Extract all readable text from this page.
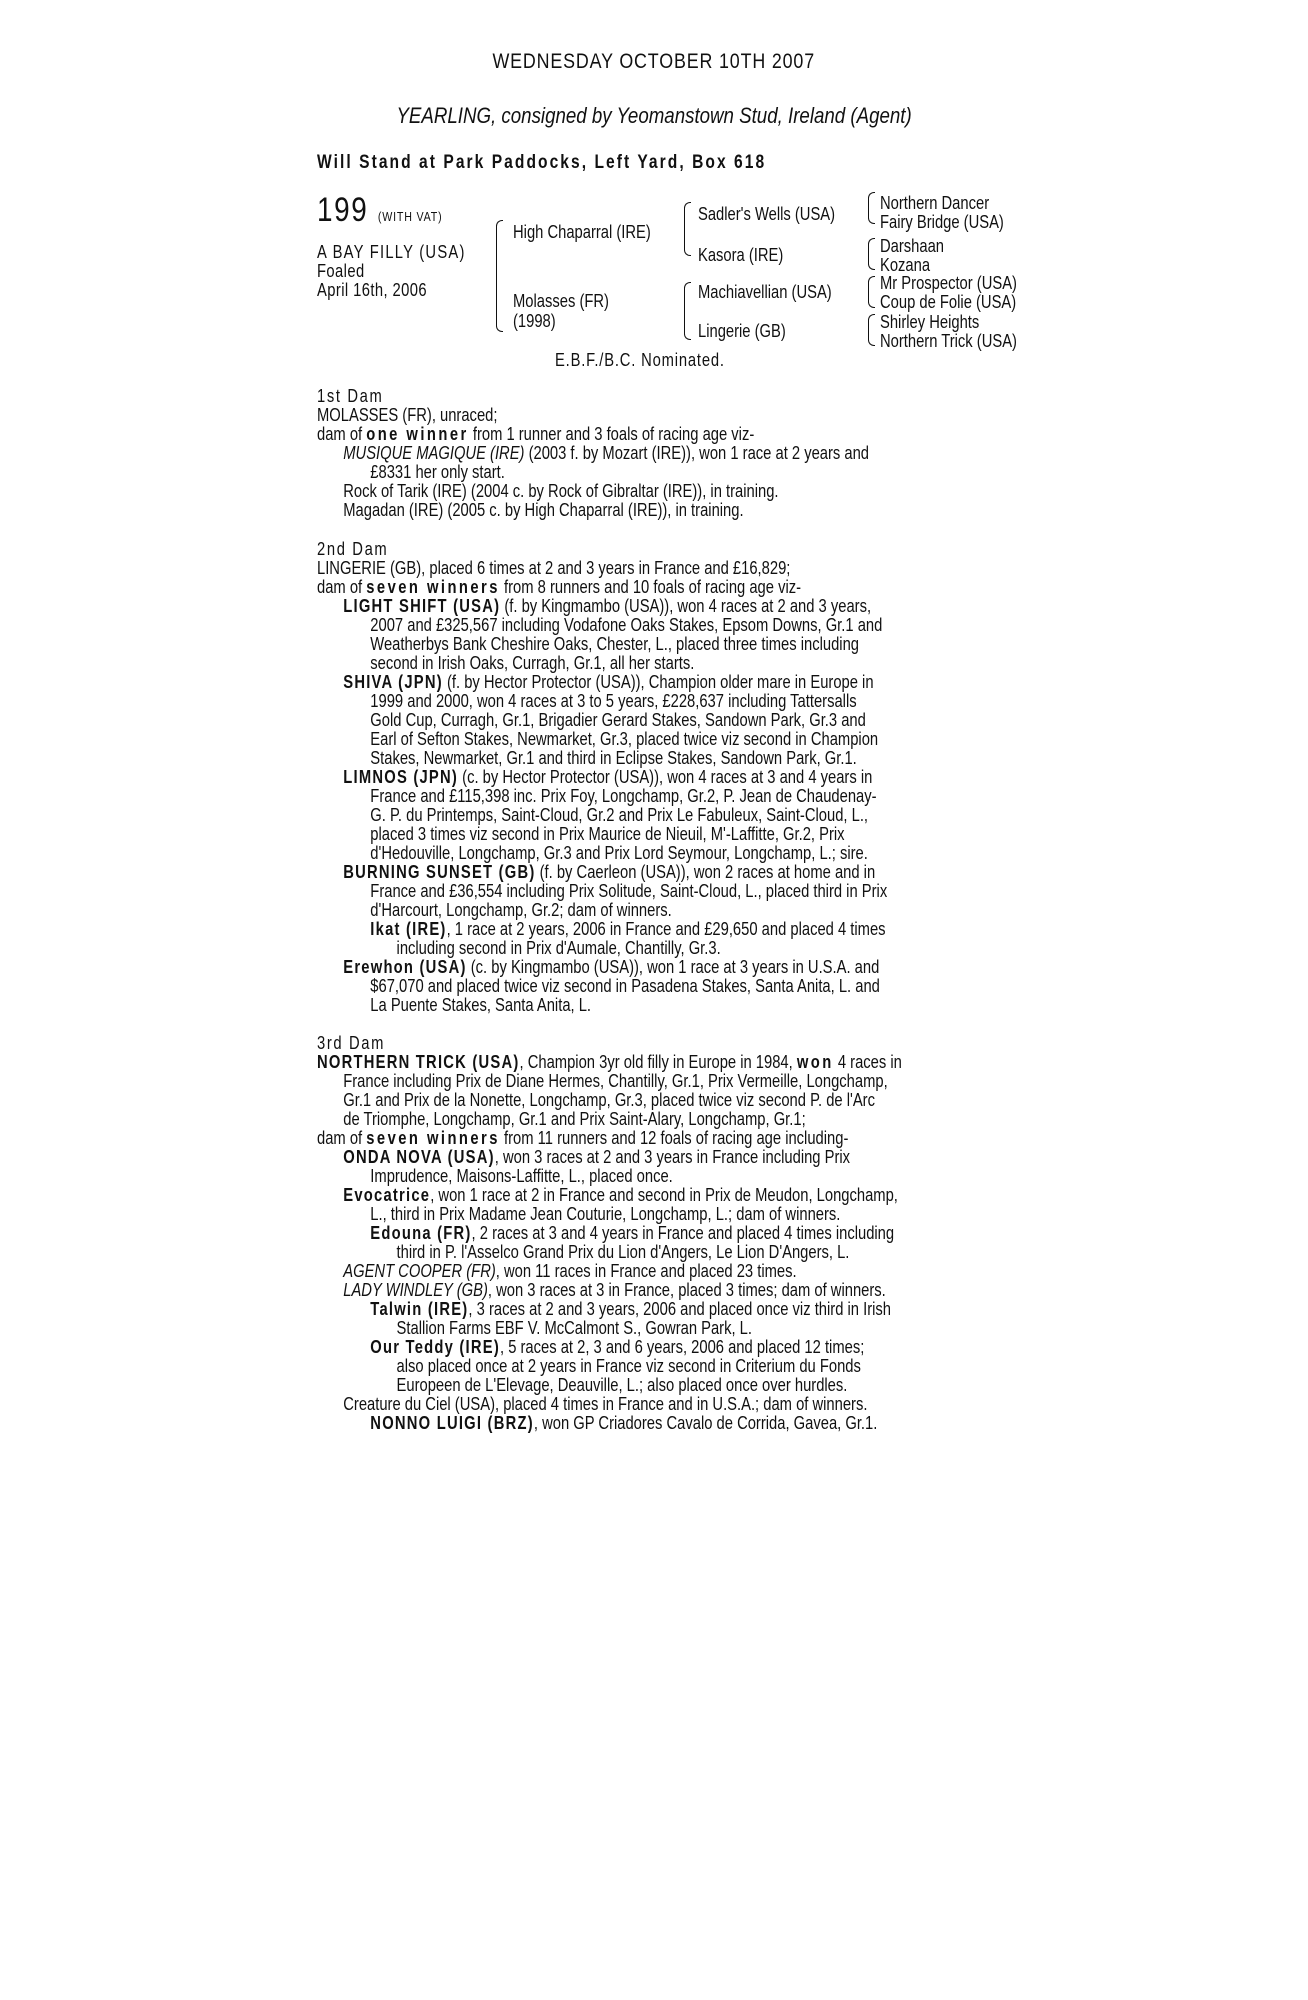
WEDNESDAY OCTOBER 10TH 2007
YEARLING, consigned by Yeomanstown Stud, Ireland (Agent)
Will Stand at Park Paddocks, Left Yard, Box 618
199 (WITH VAT)
A BAY FILLY (USA)
Foaled
April 16th, 2006
High Chaparral (IRE)
Molasses (FR)
(1998)
Sadler's Wells (USA)
Kasora (IRE)
Machiavellian (USA)
Lingerie (GB)
Northern Dancer
Fairy Bridge (USA)
Darshaan
Kozana
Mr Prospector (USA)
Coup de Folie (USA)
Shirley Heights
Northern Trick (USA)
E.B.F./B.C. Nominated.
1st Dam
MOLASSES (FR), unraced;
dam of one winner from 1 runner and 3 foals of racing age viz-
MUSIQUE MAGIQUE (IRE) (2003 f. by Mozart (IRE)), won 1 race at 2 years and
£8331 her only start.
Rock of Tarik (IRE) (2004 c. by Rock of Gibraltar (IRE)), in training.
Magadan (IRE) (2005 c. by High Chaparral (IRE)), in training.
2nd Dam
LINGERIE (GB), placed 6 times at 2 and 3 years in France and £16,829;
dam of seven winners from 8 runners and 10 foals of racing age viz-
LIGHT SHIFT (USA) (f. by Kingmambo (USA)), won 4 races at 2 and 3 years,
2007 and £325,567 including Vodafone Oaks Stakes, Epsom Downs, Gr.1 and
Weatherbys Bank Cheshire Oaks, Chester, L., placed three times including
second in Irish Oaks, Curragh, Gr.1, all her starts.
SHIVA (JPN) (f. by Hector Protector (USA)), Champion older mare in Europe in
1999 and 2000, won 4 races at 3 to 5 years, £228,637 including Tattersalls
Gold Cup, Curragh, Gr.1, Brigadier Gerard Stakes, Sandown Park, Gr.3 and
Earl of Sefton Stakes, Newmarket, Gr.3, placed twice viz second in Champion
Stakes, Newmarket, Gr.1 and third in Eclipse Stakes, Sandown Park, Gr.1.
LIMNOS (JPN) (c. by Hector Protector (USA)), won 4 races at 3 and 4 years in
France and £115,398 inc. Prix Foy, Longchamp, Gr.2, P. Jean de Chaudenay-
G. P. du Printemps, Saint-Cloud, Gr.2 and Prix Le Fabuleux, Saint-Cloud, L.,
placed 3 times viz second in Prix Maurice de Nieuil, M'-Laffitte, Gr.2, Prix
d'Hedouville, Longchamp, Gr.3 and Prix Lord Seymour, Longchamp, L.; sire.
BURNING SUNSET (GB) (f. by Caerleon (USA)), won 2 races at home and in
France and £36,554 including Prix Solitude, Saint-Cloud, L., placed third in Prix
d'Harcourt, Longchamp, Gr.2; dam of winners.
Ikat (IRE), 1 race at 2 years, 2006 in France and £29,650 and placed 4 times
including second in Prix d'Aumale, Chantilly, Gr.3.
Erewhon (USA) (c. by Kingmambo (USA)), won 1 race at 3 years in U.S.A. and
$67,070 and placed twice viz second in Pasadena Stakes, Santa Anita, L. and
La Puente Stakes, Santa Anita, L.
3rd Dam
NORTHERN TRICK (USA), Champion 3yr old filly in Europe in 1984, won 4 races in
France including Prix de Diane Hermes, Chantilly, Gr.1, Prix Vermeille, Longchamp,
Gr.1 and Prix de la Nonette, Longchamp, Gr.3, placed twice viz second P. de l'Arc
de Triomphe, Longchamp, Gr.1 and Prix Saint-Alary, Longchamp, Gr.1;
dam of seven winners from 11 runners and 12 foals of racing age including-
ONDA NOVA (USA), won 3 races at 2 and 3 years in France including Prix
Imprudence, Maisons-Laffitte, L., placed once.
Evocatrice, won 1 race at 2 in France and second in Prix de Meudon, Longchamp,
L., third in Prix Madame Jean Couturie, Longchamp, L.; dam of winners.
Edouna (FR), 2 races at 3 and 4 years in France and placed 4 times including
third in P. l'Asselco Grand Prix du Lion d'Angers, Le Lion D'Angers, L.
AGENT COOPER (FR), won 11 races in France and placed 23 times.
LADY WINDLEY (GB), won 3 races at 3 in France, placed 3 times; dam of winners.
Talwin (IRE), 3 races at 2 and 3 years, 2006 and placed once viz third in Irish
Stallion Farms EBF V. McCalmont S., Gowran Park, L.
Our Teddy (IRE), 5 races at 2, 3 and 6 years, 2006 and placed 12 times;
also placed once at 2 years in France viz second in Criterium du Fonds
Europeen de L'Elevage, Deauville, L.; also placed once over hurdles.
Creature du Ciel (USA), placed 4 times in France and in U.S.A.; dam of winners.
NONNO LUIGI (BRZ), won GP Criadores Cavalo de Corrida, Gavea, Gr.1.
